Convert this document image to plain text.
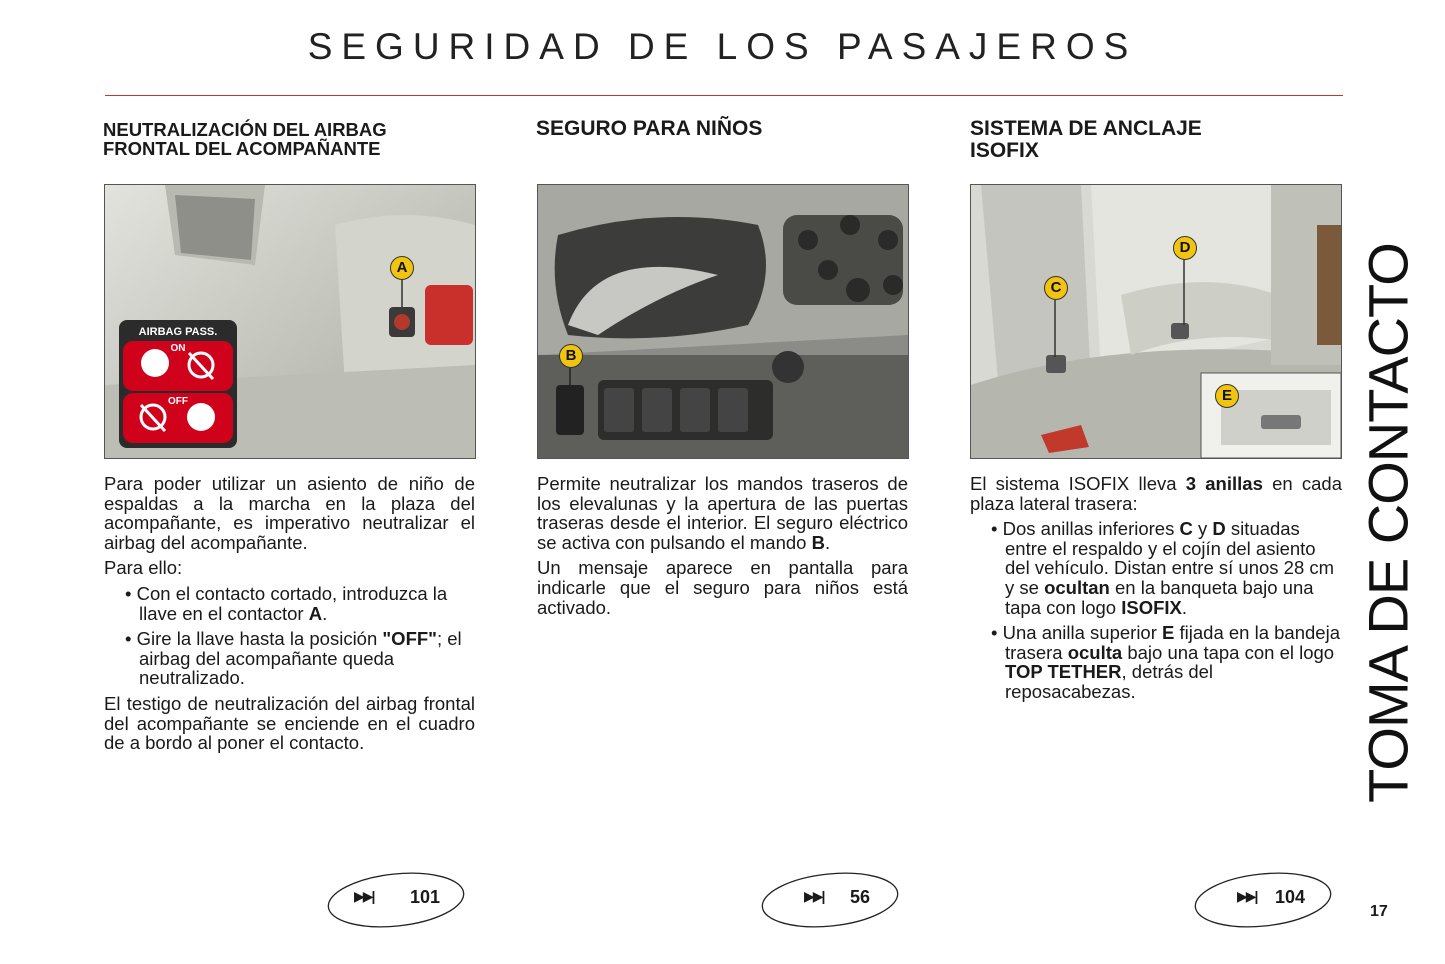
SEGURIDAD DE LOS PASAJEROS
NEUTRALIZACIÓN DEL AIRBAG
FRONTAL DEL ACOMPAÑANTE
AIRBAG PASS.
ON
OFF
A

Para poder utilizar un asiento de niño de espaldas a la marcha en la plaza del acompañante, es imperativo neutralizar el airbag del acompañante.

Para ello:

• Con el contacto cortado, introduzca la llave en el contactor A.

• Gire la llave hasta la posición "OFF"; el airbag del acompañante queda neutralizado.

El testigo de neutralización del airbag frontal del acompañante se enciende en el cuadro de a bordo al poner el contacto.

SEGURO PARA NIÑOS
B

Permite neutralizar los mandos traseros de los elevalunas y la apertura de las puertas traseras desde el interior. El seguro eléctrico se activa con pulsando el mando B.

Un mensaje aparece en pantalla para indicarle que el seguro para niños está activado.

SISTEMA DE ANCLAJE
ISOFIX
C
D
E

El sistema ISOFIX lleva 3 anillas en cada plaza lateral trasera:

• Dos anillas inferiores C y D situadas entre el respaldo y el cojín del asiento del vehículo. Distan entre sí unos 28 cm y se ocultan en la banqueta bajo una tapa con logo ISOFIX.

• Una anilla superior E fijada en la bandeja trasera oculta bajo una tapa con el logo TOP TETHER, detrás del reposacabezas.	TOMA DE CONTACTO
▶▶| 101	▶▶| 56	▶▶| 104
17
